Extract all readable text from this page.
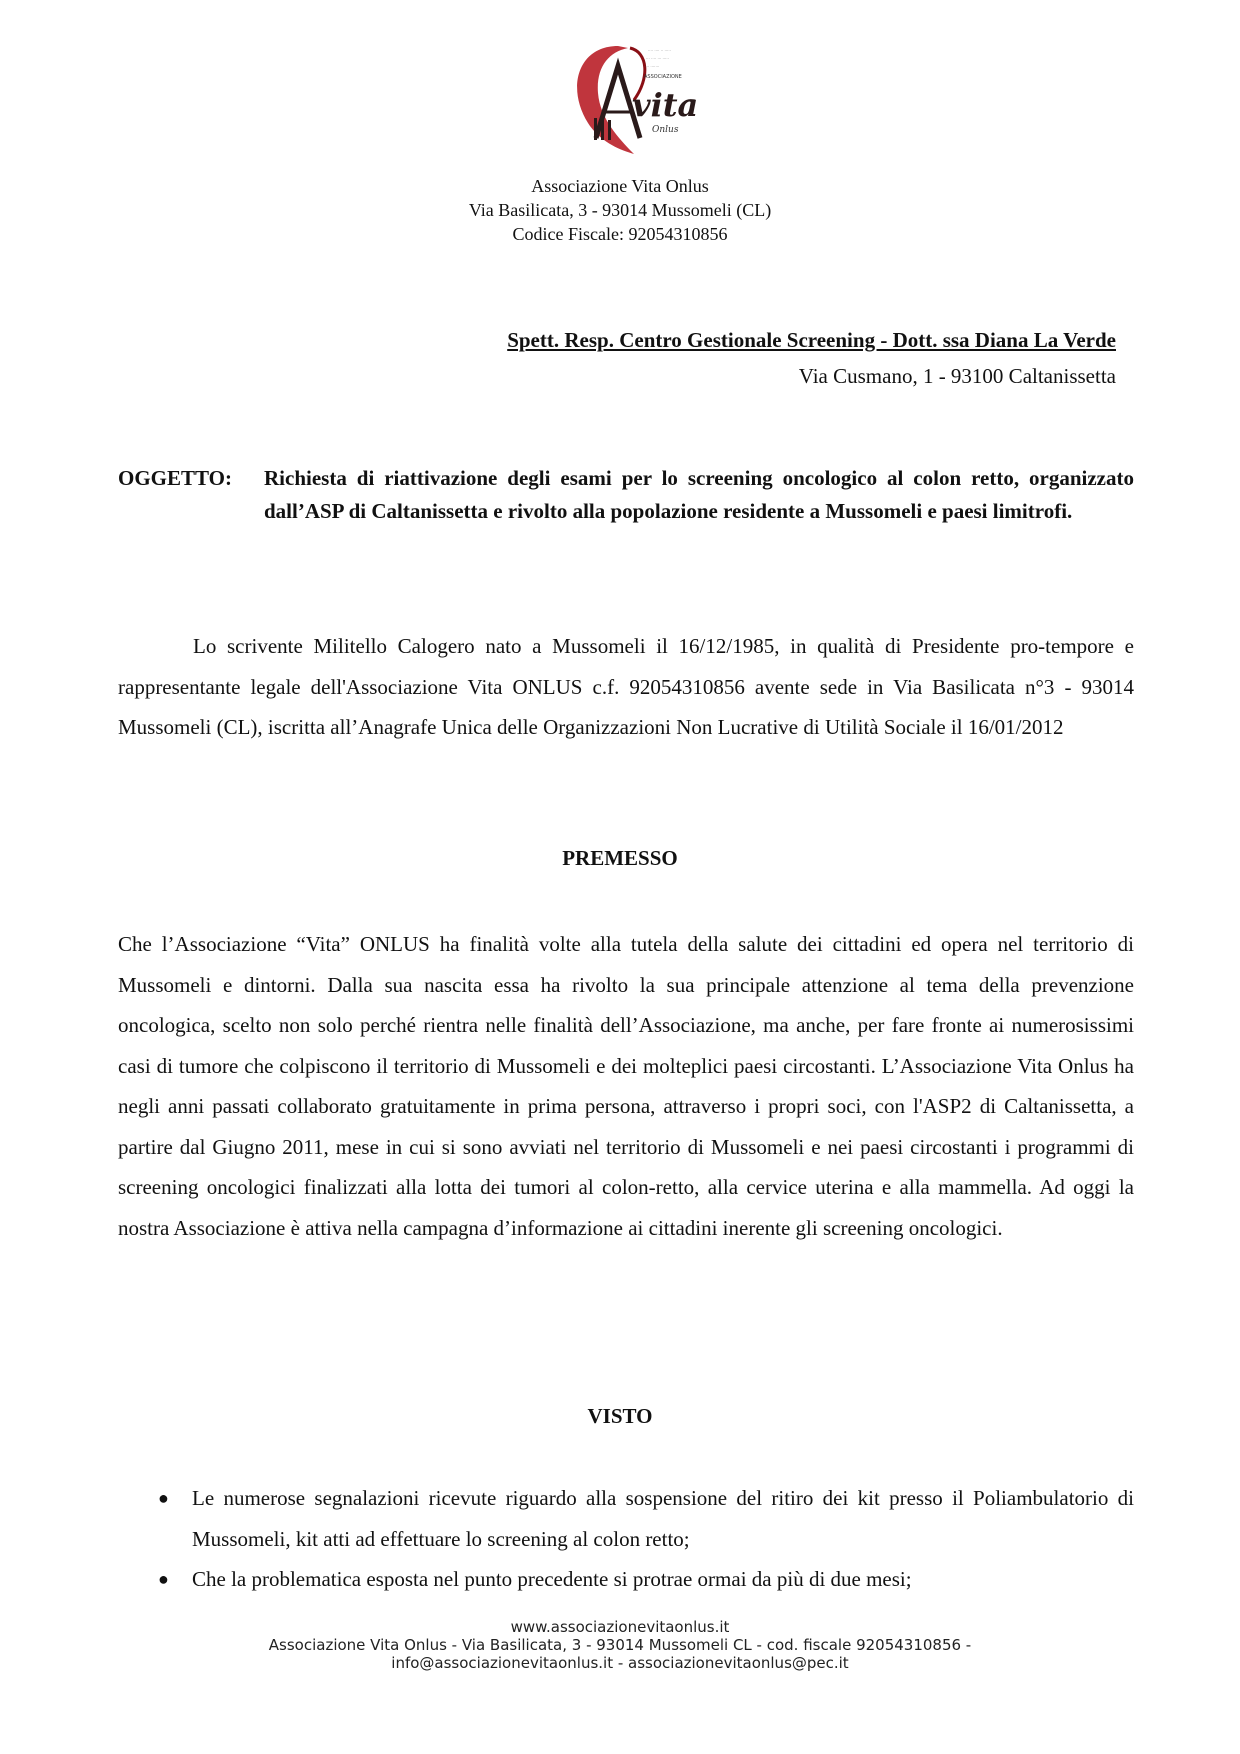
···· ···· ·· ·····
··· ···· ··· ·····
···· ·······
ASSOCIAZIONE
vita
Onlus
Associazione Vita Onlus
Via Basilicata, 3 - 93014 Mussomeli (CL)
Codice Fiscale: 92054310856
Spett. Resp. Centro Gestionale Screening - Dott. ssa Diana La Verde
Via Cusmano, 1 - 93100 Caltanissetta
OGGETTO: Richiesta di riattivazione degli esami per lo screening oncologico al colon retto, organizzato dall’ASP di Caltanissetta e rivolto alla popolazione residente a Mussomeli e paesi limitrofi.
Lo scrivente Militello Calogero nato a Mussomeli il 16/12/1985, in qualità di Presidente pro-tempore e rappresentante legale dell'Associazione Vita ONLUS c.f. 92054310856 avente sede in Via Basilicata n°3 - 93014 Mussomeli (CL), iscritta all’Anagrafe Unica delle Organizzazioni Non Lucrative di Utilità Sociale il 16/01/2012
PREMESSO
Che l’Associazione “Vita” ONLUS ha finalità volte alla tutela della salute dei cittadini ed opera nel territorio di Mussomeli e dintorni. Dalla sua nascita essa ha rivolto la sua principale attenzione al tema della prevenzione oncologica, scelto non solo perché rientra nelle finalità dell’Associazione, ma anche, per fare fronte ai numerosissimi casi di tumore che colpiscono il territorio di Mussomeli e dei molteplici paesi circostanti. L’Associazione Vita Onlus ha negli anni passati collaborato gratuitamente in prima persona, attraverso i propri soci, con l'ASP2 di Caltanissetta, a partire dal Giugno 2011, mese in cui si sono avviati nel territorio di Mussomeli e nei paesi circostanti i programmi di screening oncologici finalizzati alla lotta dei tumori al colon-retto, alla cervice uterina e alla mammella. Ad oggi la nostra Associazione è attiva nella campagna d’informazione ai cittadini inerente gli screening oncologici.
VISTO
● Le numerose segnalazioni ricevute riguardo alla sospensione del ritiro dei kit presso il Poliambulatorio di Mussomeli, kit atti ad effettuare lo screening al colon retto;
● Che la problematica esposta nel punto precedente si protrae ormai da più di due mesi;
www.associazionevitaonlus.it
Associazione Vita Onlus - Via Basilicata, 3 - 93014 Mussomeli CL - cod. fiscale 92054310856 -
info@associazionevitaonlus.it - associazionevitaonlus@pec.it
